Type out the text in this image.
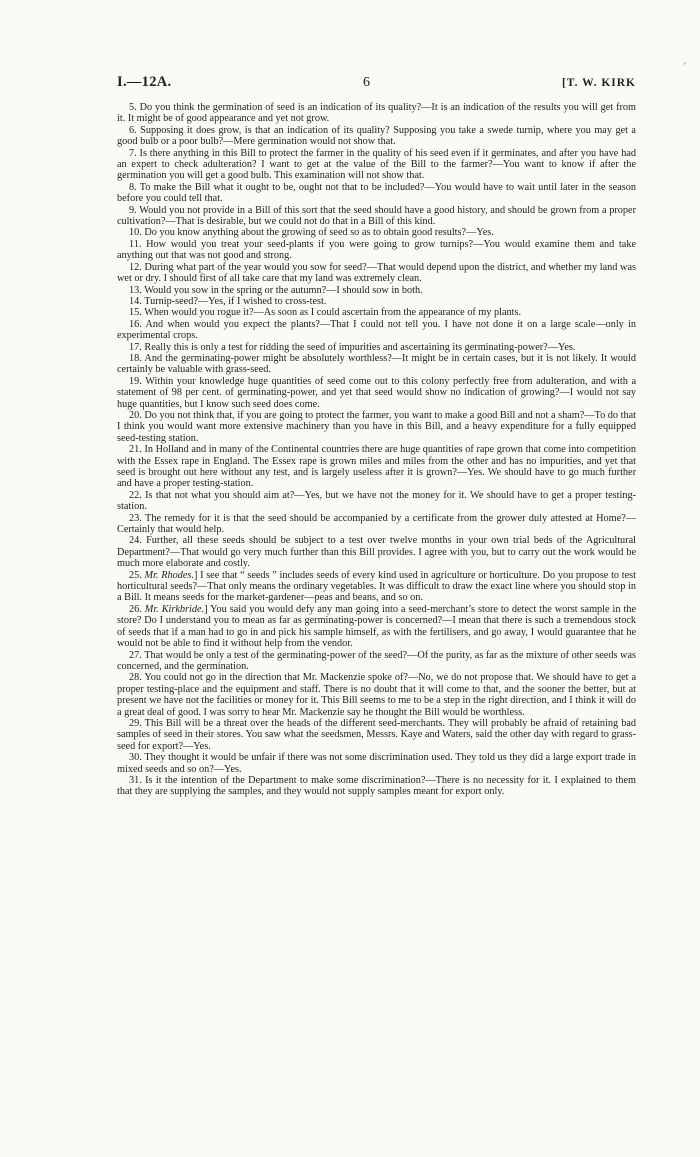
ʻ
I.—12A.	6	[T. W. KIRK

5. Do you think the germination of seed is an indication of its quality?—It is an indication of the results you will get from it. It might be of good appearance and yet not grow.

6. Supposing it does grow, is that an indication of its quality? Supposing you take a swede turnip, where you may get a good bulb or a poor bulb?—Mere germination would not show that.

7. Is there anything in this Bill to protect the farmer in the quality of his seed even if it germinates, and after you have had an expert to check adulteration? I want to get at the value of the Bill to the farmer?—You want to know if after the germination you will get a good bulb. This examination will not show that.

8. To make the Bill what it ought to be, ought not that to be included?—You would have to wait until later in the season before you could tell that.

9. Would you not provide in a Bill of this sort that the seed should have a good history, and should be grown from a proper cultivation?—That is desirable, but we could not do that in a Bill of this kind.

10. Do you know anything about the growing of seed so as to obtain good results?—Yes.

11. How would you treat your seed-plants if you were going to grow turnips?—You would examine them and take anything out that was not good and strong.

12. During what part of the year would you sow for seed?—That would depend upon the district, and whether my land was wet or dry. I should first of all take care that my land was extremely clean.

13. Would you sow in the spring or the autumn?—I should sow in both.

14. Turnip-seed?—Yes, if I wished to cross-test.

15. When would you rogue it?—As soon as I could ascertain from the appearance of my plants.

16. And when would you expect the plants?—That I could not tell you. I have not done it on a large scale—only in experimental crops.

17. Really this is only a test for ridding the seed of impurities and ascertaining its germinating-power?—Yes.

18. And the germinating-power might be absolutely worthless?—It might be in certain cases, but it is not likely. It would certainly be valuable with grass-seed.

19. Within your knowledge huge quantities of seed come out to this colony perfectly free from adulteration, and with a statement of 98 per cent. of germinating-power, and yet that seed would show no indication of growing?—I would not say huge quantities, but I know such seed does come.

20. Do you not think that, if you are going to protect the farmer, you want to make a good Bill and not a sham?—To do that I think you would want more extensive machinery than you have in this Bill, and a heavy expenditure for a fully equipped seed-testing station.

21. In Holland and in many of the Continental countries there are huge quantities of rape grown that come into competition with the Essex rape in England. The Essex rape is grown miles and miles from the other and has no impurities, and yet that seed is brought out here without any test, and is largely useless after it is grown?—Yes. We should have to go much further and have a proper testing-station.

22. Is that not what you should aim at?—Yes, but we have not the money for it. We should have to get a proper testing-station.

23. The remedy for it is that the seed should be accompanied by a certificate from the grower duly attested at Home?—Certainly that would help.

24. Further, all these seeds should be subject to a test over twelve months in your own trial beds of the Agricultural Department?—That would go very much further than this Bill provides. I agree with you, but to carry out the work would be much more elaborate and costly.

25. Mr. Rhodes.] I see that “ seeds ” includes seeds of every kind used in agriculture or horticulture. Do you propose to test horticultural seeds?—That only means the ordinary vegetables. It was difficult to draw the exact line where you should stop in a Bill. It means seeds for the market-gardener—peas and beans, and so on.

26. Mr. Kirkbride.] You said you would defy any man going into a seed-merchant’s store to detect the worst sample in the store? Do I understand you to mean as far as germinating-power is concerned?—I mean that there is such a tremendous stock of seeds that if a man had to go in and pick his sample himself, as with the fertilisers, and go away, I would guarantee that he would not be able to find it without help from the vendor.

27. That would be only a test of the germinating-power of the seed?—Of the purity, as far as the mixture of other seeds was concerned, and the germination.

28. You could not go in the direction that Mr. Mackenzie spoke of?—No, we do not propose that. We should have to get a proper testing-place and the equipment and staff. There is no doubt that it will come to that, and the sooner the better, but at present we have not the facilities or money for it. This Bill seems to me to be a step in the right direction, and I think it will do a great deal of good. I was sorry to hear Mr. Mackenzie say he thought the Bill would be worthless.

29. This Bill will be a threat over the heads of the different seed-merchants. They will probably be afraid of retaining bad samples of seed in their stores. You saw what the seedsmen, Messrs. Kaye and Waters, said the other day with regard to grass-seed for export?—Yes.

30. They thought it would be unfair if there was not some discrimination used. They told us they did a large export trade in mixed seeds and so on?—Yes.

31. Is it the intention of the Department to make some discrimination?—There is no necessity for it. I explained to them that they are supplying the samples, and they would not supply samples meant for export only.
